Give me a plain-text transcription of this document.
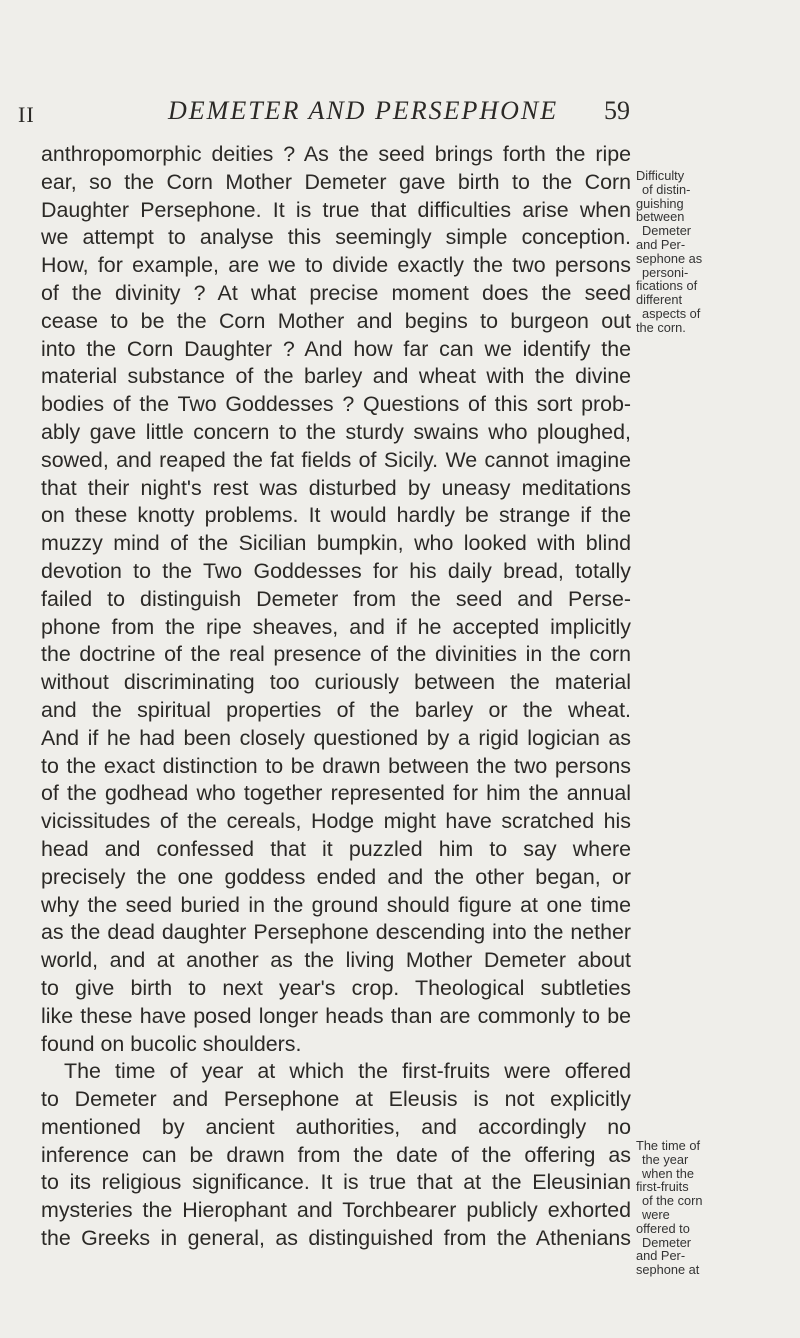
II	DEMETER AND PERSEPHONE 59
anthropomorphic deities ? As the seed brings forth the ripe
ear, so the Corn Mother Demeter gave birth to the Corn
Daughter Persephone. It is true that difficulties arise when
we attempt to analyse this seemingly simple conception.
How, for example, are we to divide exactly the two persons
of the divinity ? At what precise moment does the seed
cease to be the Corn Mother and begins to burgeon out
into the Corn Daughter ? And how far can we identify the
material substance of the barley and wheat with the divine
bodies of the Two Goddesses ? Questions of this sort prob-
ably gave little concern to the sturdy swains who ploughed,
sowed, and reaped the fat fields of Sicily. We cannot imagine
that their night's rest was disturbed by uneasy meditations
on these knotty problems. It would hardly be strange if the
muzzy mind of the Sicilian bumpkin, who looked with blind
devotion to the Two Goddesses for his daily bread, totally
failed to distinguish Demeter from the seed and Perse-
phone from the ripe sheaves, and if he accepted implicitly
the doctrine of the real presence of the divinities in the corn
without discriminating too curiously between the material
and the spiritual properties of the barley or the wheat.
And if he had been closely questioned by a rigid logician as
to the exact distinction to be drawn between the two persons
of the godhead who together represented for him the annual
vicissitudes of the cereals, Hodge might have scratched his
head and confessed that it puzzled him to say where
precisely the one goddess ended and the other began, or
why the seed buried in the ground should figure at one time
as the dead daughter Persephone descending into the nether
world, and at another as the living Mother Demeter about
to give birth to next year's crop. Theological subtleties
like these have posed longer heads than are commonly to be
found on bucolic shoulders.
The time of year at which the first-fruits were offered
to Demeter and Persephone at Eleusis is not explicitly
mentioned by ancient authorities, and accordingly no
inference can be drawn from the date of the offering as
to its religious significance. It is true that at the Eleusinian
mysteries the Hierophant and Torchbearer publicly exhorted
the Greeks in general, as distinguished from the Athenians
Difficulty
of distin-
guishing
between
Demeter
and Per-
sephone as
personi-
fications of
different
aspects of
the corn.
The time of
the year
when the
first-fruits
of the corn
were
offered to
Demeter
and Per-
sephone at
